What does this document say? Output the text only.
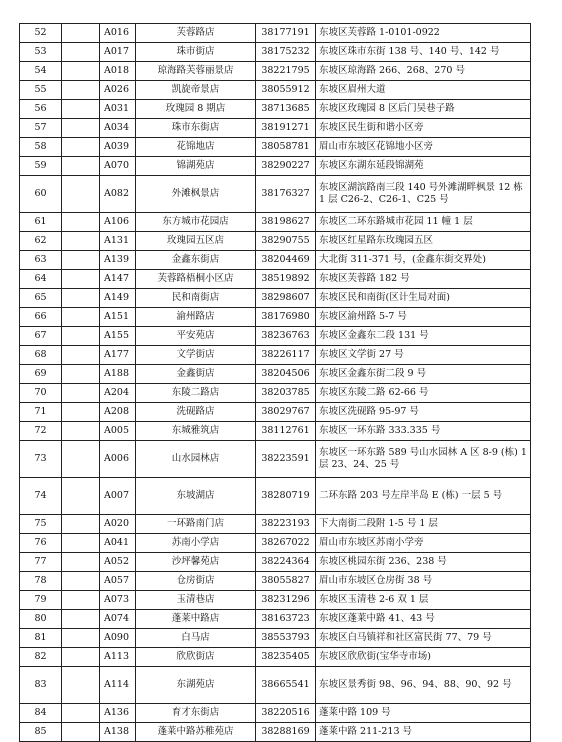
52		A016	芙蓉路店	38177191	东坡区芙蓉路 1-0101-0922
53		A017	珠市街店	38175232	东坡区珠市东街 138 号、140 号、142 号
54		A018	琼海路芙蓉丽景店	38221795	东坡区琼海路 266、268、270 号
55		A026	凯旋帝景店	38055912	东坡区眉州大道
56		A031	玫瑰园 8 期店	38713685	东坡区玫瑰园 8 区后门吴巷子路
57		A034	珠市东街店	38191271	东坡区民生街和谐小区旁
58		A039	花锦地店	38058781	眉山市东坡区花锦地小区旁
59		A070	锦湖苑店	38290227	东坡区东湖东延段锦湖苑
60		A082	外滩枫景店	38176327	东坡区湖滨路南三段 140 号外滩湖畔枫景 12 栋 1 层 C26-2、C26-1、C25 号
61		A106	东方城市花园店	38198627	东坡区二环东路城市花园 11 幢 1 层
62		A131	玫瑰园五区店	38290755	东坡区红星路东玫瑰园五区
63		A139	金鑫东街店	38204469	大北街 311-371 号，(金鑫东街交界处)
64		A147	芙蓉路梧桐小区店	38519892	东坡区芙蓉路 182 号
65		A149	民和南街店	38298607	东坡区民和南街(区计生局对面)
66		A151	渝州路店	38176980	东坡区渝州路 5-7 号
67		A155	平安苑店	38236763	东坡区金鑫东二段 131 号
68		A177	文学街店	38226117	东坡区文学街 27 号
69		A188	金鑫街店	38204506	东坡区金鑫东街二段 9 号
70		A204	东陵二路店	38203785	东坡区东陵二路 62-66 号
71		A208	洗砚路店	38029767	东坡区洗砚路 95-97 号
72		A005	东城雅筑店	38112761	东坡区一环东路 333.335 号
73		A006	山水园林店	38223591	东坡区一环东路 589 号山水园林 A 区 8-9 (栋) 1 层 23、24、25 号
74		A007	东坡湖店	38280719	二环东路 203 号左岸半岛 E (栋) 一层 5 号
75		A020	一环路南门店	38223193	下大南街二段附 1-5 号 1 层
76		A041	苏南小学店	38267022	眉山市东坡区苏南小学旁
77		A052	沙坪馨苑店	38224364	东坡区桃园东街 236、238 号
78		A057	仓房街店	38055827	眉山市东坡区仓房街 38 号
79		A073	玉清巷店	38231296	东坡区玉清巷 2-6 双 1 层
80		A074	蓬莱中路店	38163723	东坡区蓬莱中路 41、43 号
81		A090	白马店	38553793	东坡区白马镇祥和社区富民街 77、79 号
82		A113	欣欣街店	38235405	东坡区欣欣街(宝华寺市场)
83		A114	东湖苑店	38665541	东坡区景秀街 98、96、94、88、90、92 号
84		A136	育才东街店	38220516	蓬莱中路 109 号
85		A138	蓬莱中路苏稚苑店	38288169	蓬莱中路 211-213 号
